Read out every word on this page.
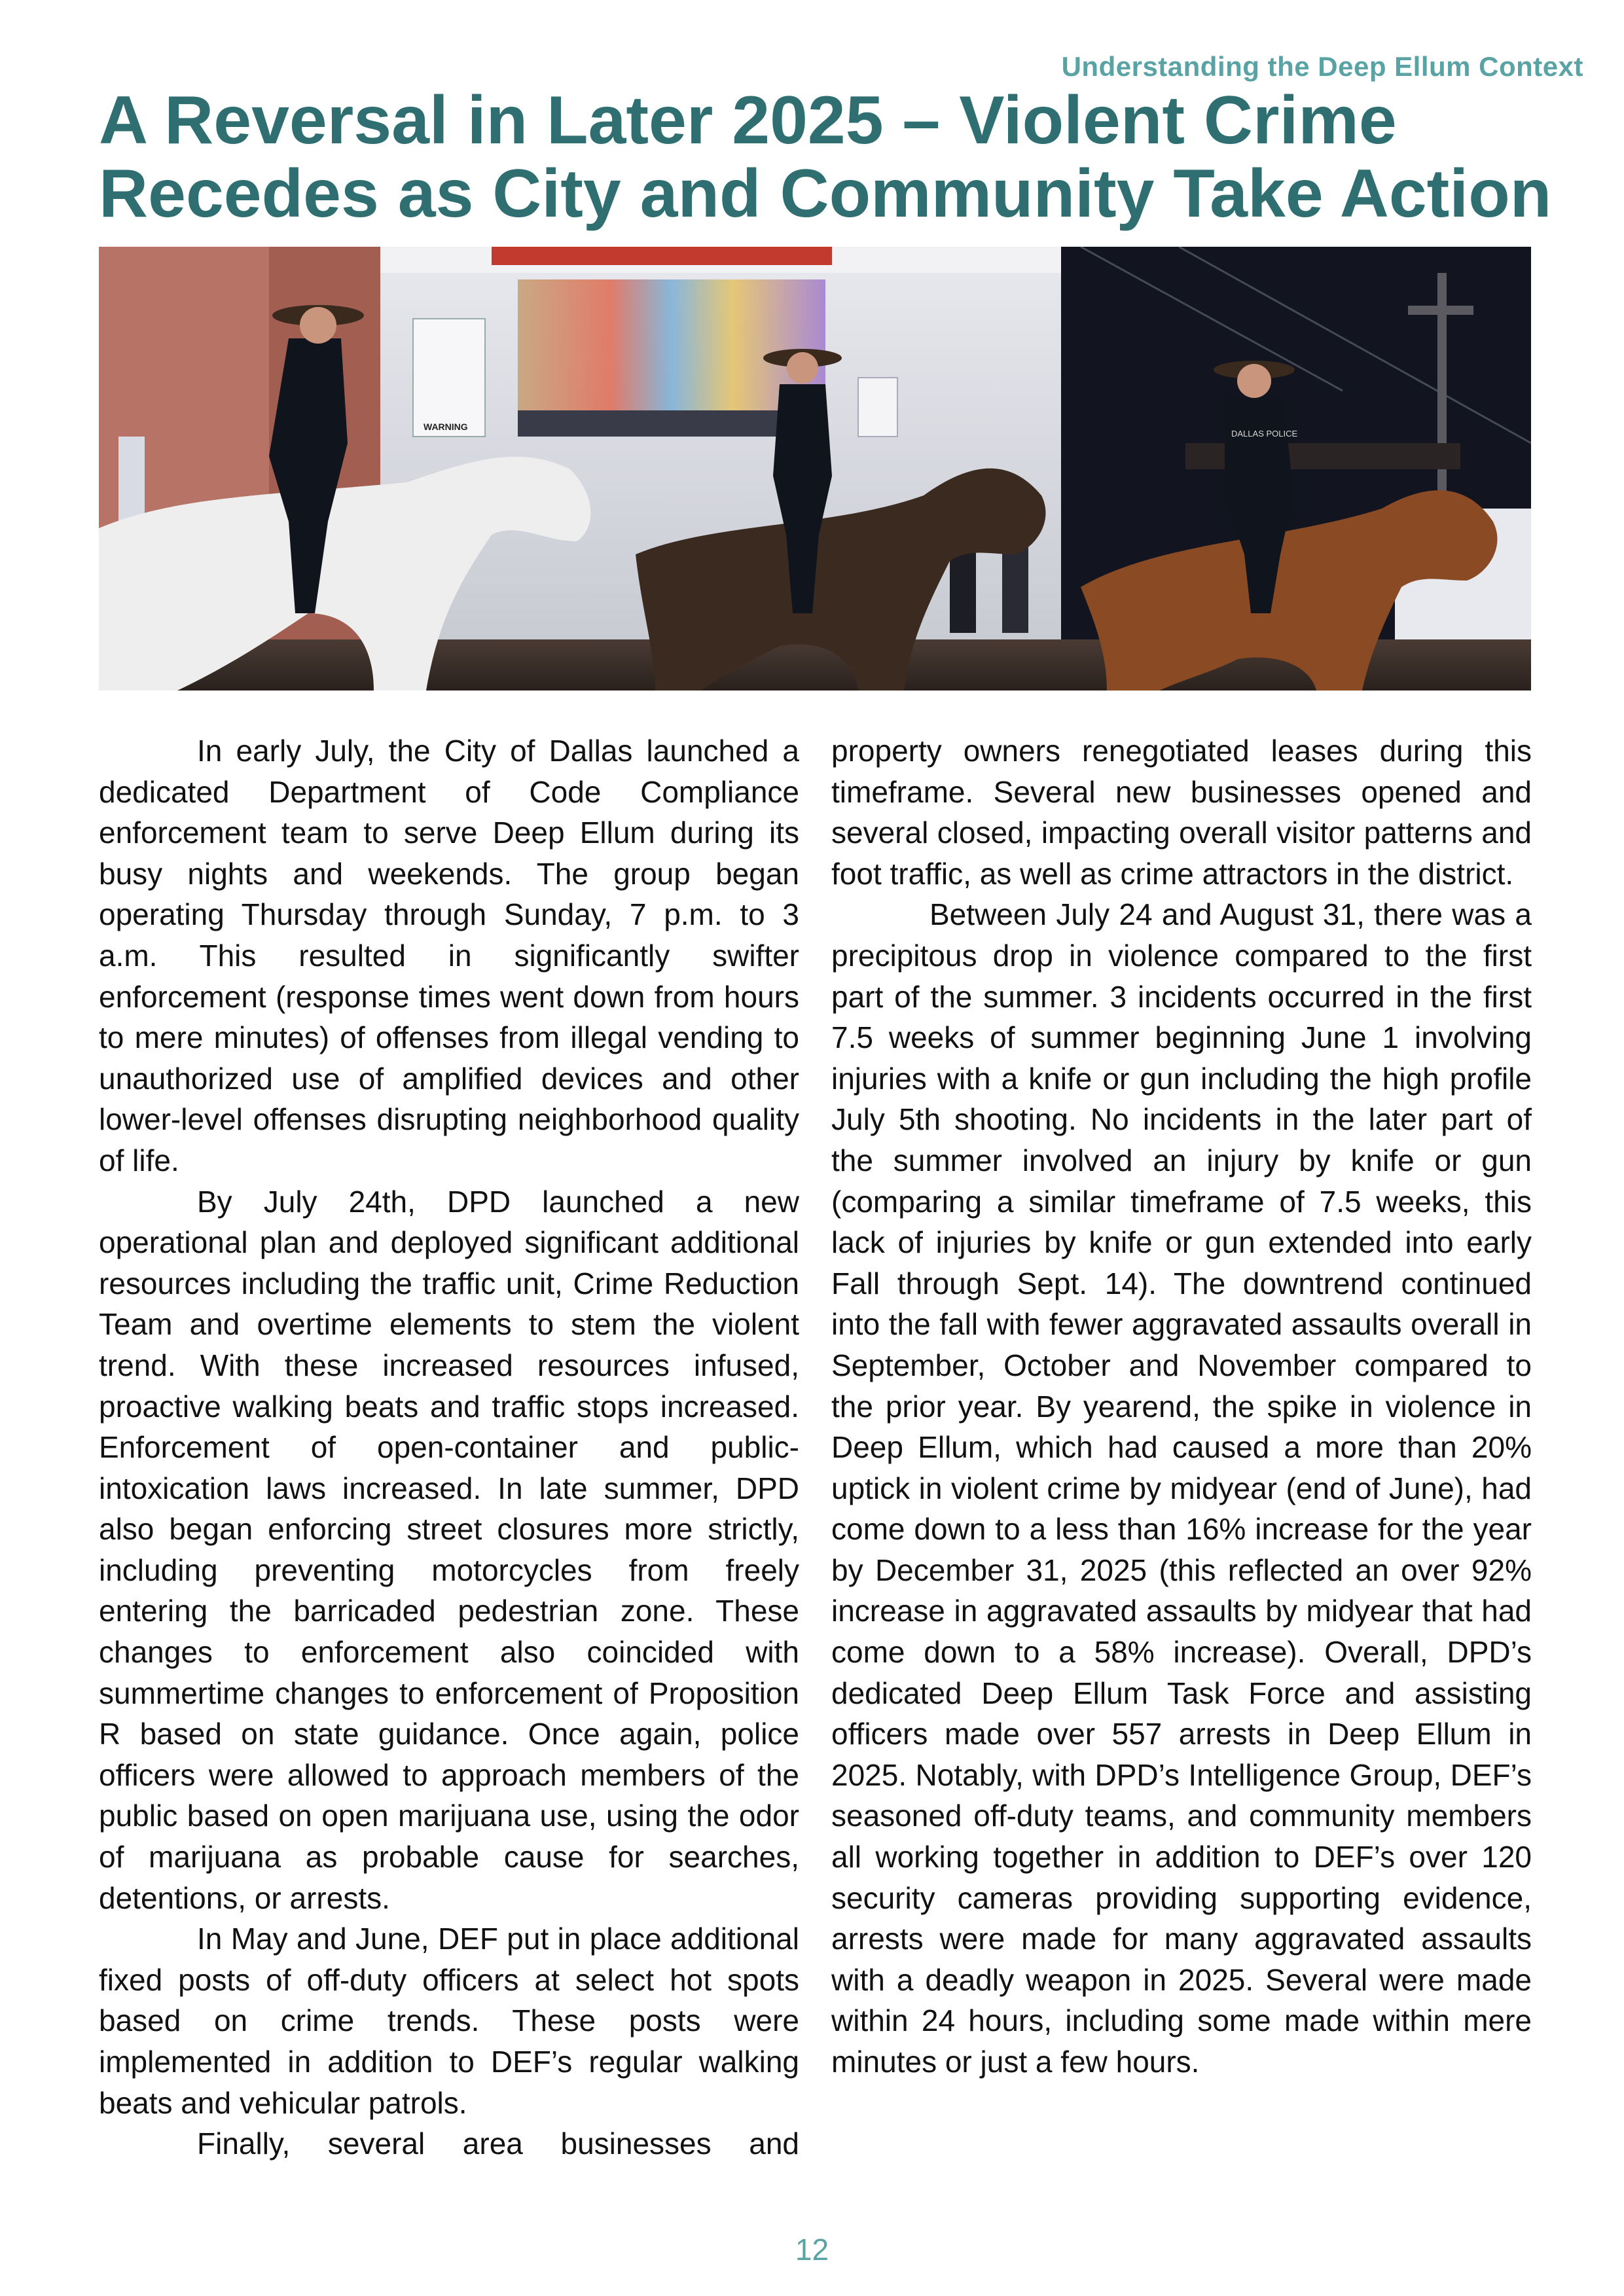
Understanding the Deep Ellum Context
A Reversal in Later 2025 – Violent Crime Recedes as City and Community Take Action
WARNING
DALLAS POLICE

In early July, the City of Dallas launched a dedicated Department of Code Compliance enforcement team to serve Deep Ellum during its busy nights and weekends. The group began operating Thursday through Sunday, 7 p.m. to 3 a.m. This resulted in significantly swifter enforcement (response times went down from hours to mere minutes) of offenses from illegal vending to unauthorized use of amplified devices and other lower-level offenses disrupting neighborhood quality of life.

By July 24th, DPD launched a new operational plan and deployed significant additional resources including the traffic unit, Crime Reduction Team and overtime elements to stem the violent trend. With these increased resources infused, proactive walking beats and traffic stops increased. Enforcement of open-container and public-intoxication laws increased. In late summer, DPD also began enforcing street closures more strictly, including preventing motorcycles from freely entering the barricaded pedestrian zone. These changes to enforcement also coincided with summertime changes to enforcement of Proposition R based on state guidance. Once again, police officers were allowed to approach members of the public based on open marijuana use, using the odor of marijuana as probable cause for searches, detentions, or arrests.

In May and June, DEF put in place additional fixed posts of off-duty officers at select hot spots based on crime trends. These posts were implemented in addition to DEF’s regular walking beats and vehicular patrols.

Finally, several area businesses and

property owners renegotiated leases during this timeframe. Several new businesses opened and several closed, impacting overall visitor patterns and foot traffic, as well as crime attractors in the district.

Between July 24 and August 31, there was a precipitous drop in violence compared to the first part of the summer. 3 incidents occurred in the first 7.5 weeks of summer beginning June 1 involving injuries with a knife or gun including the high profile July 5th shooting. No incidents in the later part of the summer involved an injury by knife or gun (comparing a similar timeframe of 7.5 weeks, this lack of injuries by knife or gun extended into early Fall through Sept. 14). The downtrend continued into the fall with fewer aggravated assaults overall in September, October and November compared to the prior year. By yearend, the spike in violence in Deep Ellum, which had caused a more than 20% uptick in violent crime by midyear (end of June), had come down to a less than 16% increase for the year by December 31, 2025 (this reflected an over 92% increase in aggravated assaults by midyear that had come down to a 58% increase). Overall, DPD’s dedicated Deep Ellum Task Force and assisting officers made over 557 arrests in Deep Ellum in 2025. Notably, with DPD’s Intelligence Group, DEF’s seasoned off-duty teams, and community members all working together in addition to DEF’s over 120 security cameras providing supporting evidence, arrests were made for many aggravated assaults with a deadly weapon in 2025. Several were made within 24 hours, including some made within mere minutes or just a few hours.

12
